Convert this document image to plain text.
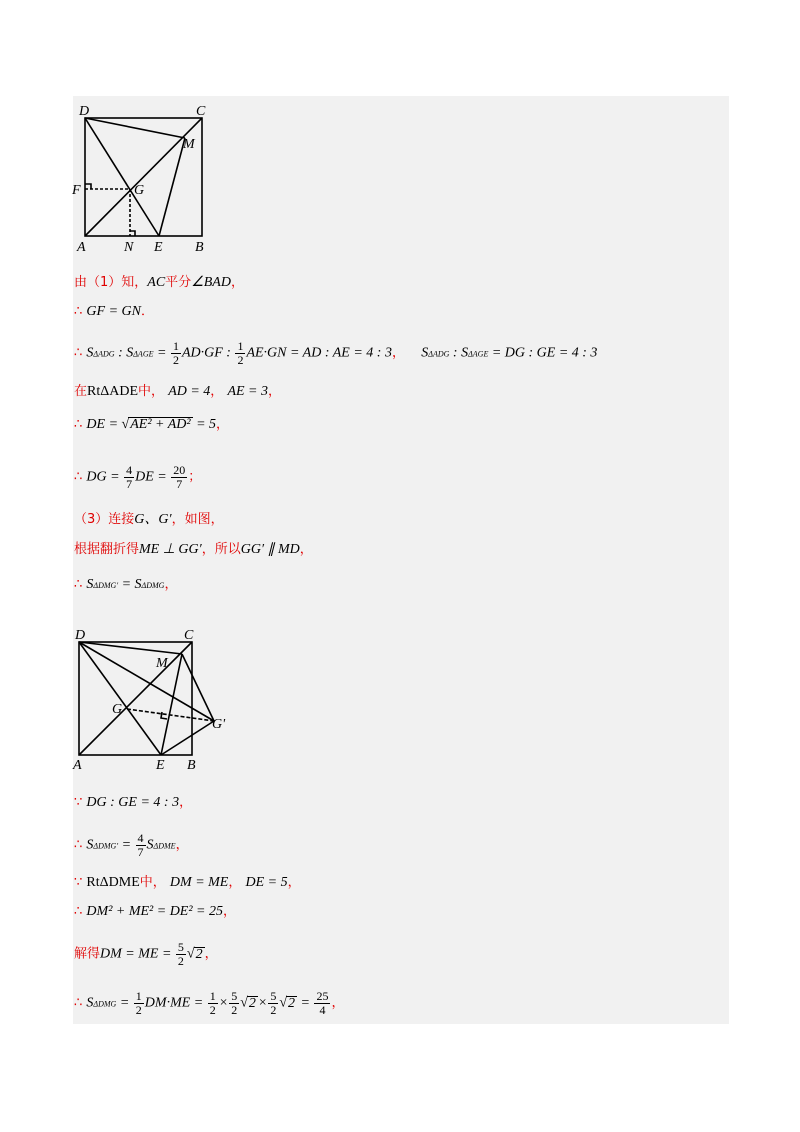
D	C
M
F	G
A	N E B
由（1）知，AC平分∠BAD，
∴ GF = GN．
∴ SΔADG : $S\Delta AGE = \frac{1}{2} AD\cdot GF$ : $\frac{1}{2} AE\cdot GN$ = AD : AE = 4 : 3， SΔADG : SΔAGE = DG : GE = 4 : 3
在RtΔADE中， AD = 4， AE = 3，
∴ DE = √AE² + AD² = 5，
∴ DG = $\frac{4}{7}$ DE = $\frac{20}{7}$ ；
（3）连接G、G′，如图，
根据翻折得ME ⊥ GG′，所以GG′ ∥ MD，
∴ SΔDMG′ = SΔDMG，
D	C
M
G
G'
A	E B
∵ DG : GE = 4 : 3，
∴ $S\Delta DMG' = \frac{4}{7}$ SΔDME，
∵ RtΔDME中， DM = ME， DE = 5，
∴ DM² + ME² = DE² = 25，
解得DM = ME = $\frac{5}{2} √2$ ，
∴ $S\Delta DMG = \frac{1}{2} DM\cdot ME = \frac{1}{2} \times \frac{5}{2} √2 \times \frac{5}{2} √2 = \frac{25}{4}$ ，
